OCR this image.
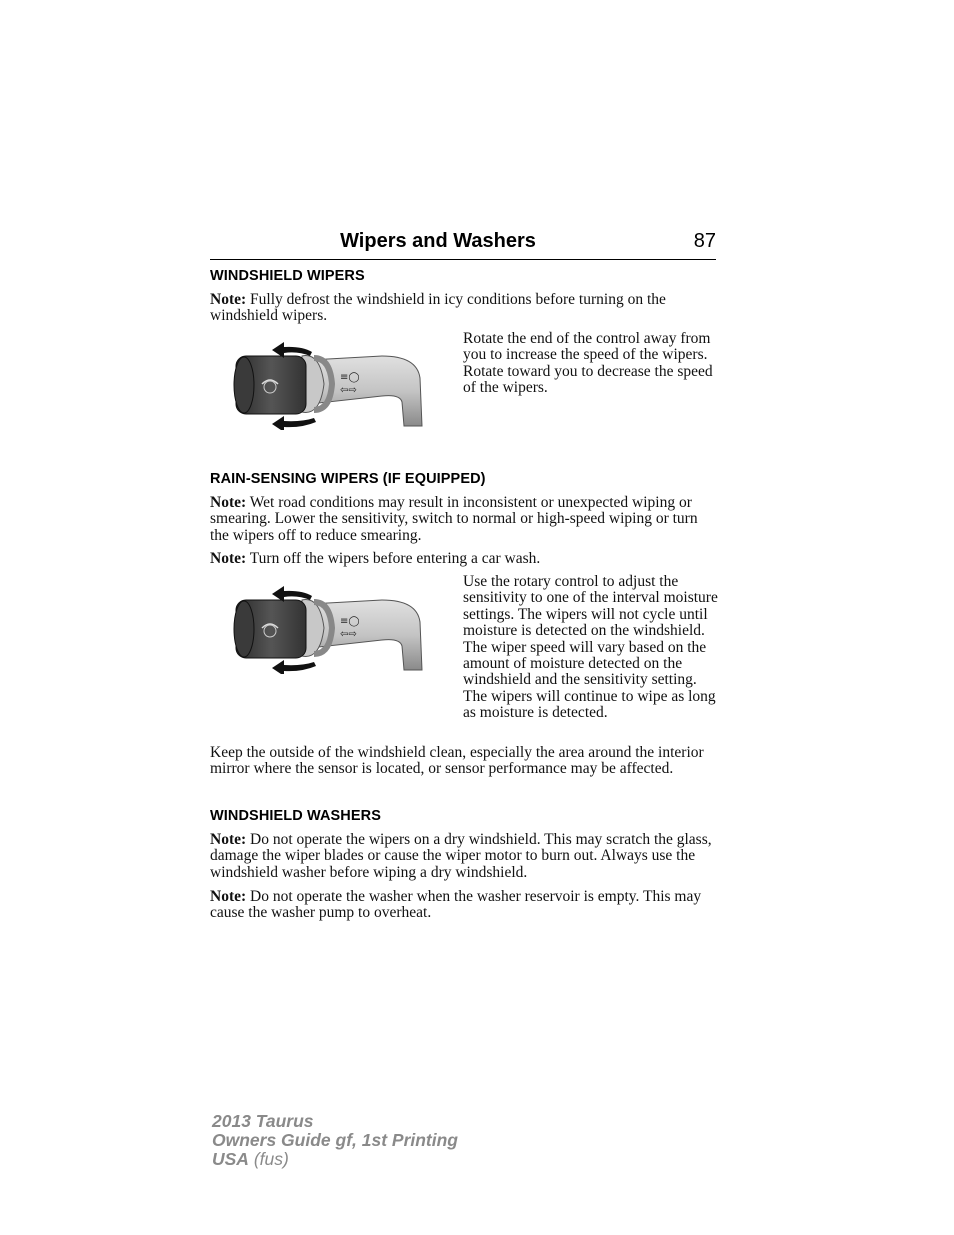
Wipers and Washers	87
WINDSHIELD WIPERS

Note: Fully defrost the windshield in icy conditions before turning on the windshield wipers.

≡◯
⇦⇨

Rotate the end of the control away from you to increase the speed of the wipers. Rotate toward you to decrease the speed of the wipers.

RAIN-SENSING WIPERS (IF EQUIPPED)

Note: Wet road conditions may result in inconsistent or unexpected wiping or smearing. Lower the sensitivity, switch to normal or high-speed wiping or turn the wipers off to reduce smearing.

Note: Turn off the wipers before entering a car wash.

≡◯
⇦⇨

Use the rotary control to adjust the sensitivity to one of the interval moisture settings. The wipers will not cycle until moisture is detected on the windshield. The wiper speed will vary based on the amount of moisture detected on the windshield and the sensitivity setting. The wipers will continue to wipe as long as moisture is detected.

Keep the outside of the windshield clean, especially the area around the interior mirror where the sensor is located, or sensor performance may be affected.

WINDSHIELD WASHERS

Note: Do not operate the wipers on a dry windshield. This may scratch the glass, damage the wiper blades or cause the wiper motor to burn out. Always use the windshield washer before wiping a dry windshield.

Note: Do not operate the washer when the washer reservoir is empty. This may cause the washer pump to overheat.

2013 Taurus
Owners Guide gf, 1st Printing
USA (fus)
